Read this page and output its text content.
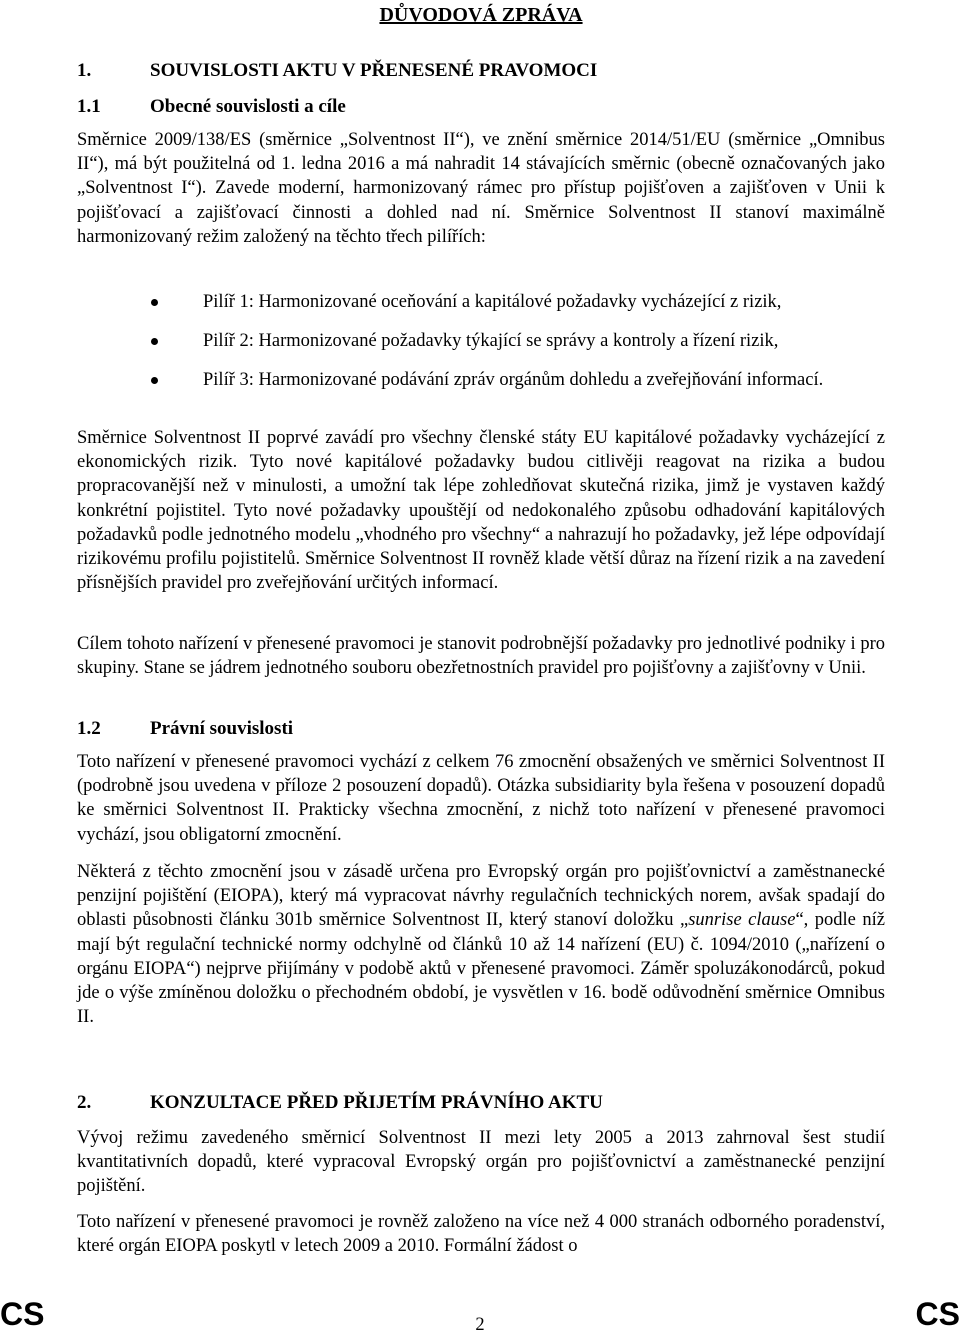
DŮVODOVÁ ZPRÁVA
1.	SOUVISLOSTI AKTU V PŘENESENÉ PRAVOMOCI
1.1	Obecné souvislosti a cíle

Směrnice 2009/138/ES (směrnice „Solventnost II“), ve znění směrnice 2014/51/EU (směrnice „Omnibus II“), má být použitelná od 1. ledna 2016 a má nahradit 14 stávajících směrnic (obecně označovaných jako „Solventnost I“). Zavede moderní, harmonizovaný rámec pro přístup pojišťoven a zajišťoven v Unii k pojišťovací a zajišťovací činnosti a dohled nad ní. Směrnice Solventnost II stanoví maximálně harmonizovaný režim založený na těchto třech pilířích:

Pilíř 1: Harmonizované oceňování a kapitálové požadavky vycházející z rizik,
Pilíř 2: Harmonizované požadavky týkající se správy a kontroly a řízení rizik,
Pilíř 3: Harmonizované podávání zpráv orgánům dohledu a zveřejňování informací.

Směrnice Solventnost II poprvé zavádí pro všechny členské státy EU kapitálové požadavky vycházející z ekonomických rizik. Tyto nové kapitálové požadavky budou citlivěji reagovat na rizika a budou propracovanější než v minulosti, a umožní tak lépe zohledňovat skutečná rizika, jimž je vystaven každý konkrétní pojistitel. Tyto nové požadavky upouštějí od nedokonalého způsobu odhadování kapitálových požadavků podle jednotného modelu „vhodného pro všechny“ a nahrazují ho požadavky, jež lépe odpovídají rizikovému profilu pojistitelů. Směrnice Solventnost II rovněž klade větší důraz na řízení rizik a na zavedení přísnějších pravidel pro zveřejňování určitých informací.

Cílem tohoto nařízení v přenesené pravomoci je stanovit podrobnější požadavky pro jednotlivé podniky i pro skupiny. Stane se jádrem jednotného souboru obezřetnostních pravidel pro pojišťovny a zajišťovny v Unii.

1.2	Právní souvislosti

Toto nařízení v přenesené pravomoci vychází z celkem 76 zmocnění obsažených ve směrnici Solventnost II (podrobně jsou uvedena v příloze 2 posouzení dopadů). Otázka subsidiarity byla řešena v posouzení dopadů ke směrnici Solventnost II. Prakticky všechna zmocnění, z nichž toto nařízení v přenesené pravomoci vychází, jsou obligatorní zmocnění.

Některá z těchto zmocnění jsou v zásadě určena pro Evropský orgán pro pojišťovnictví a zaměstnanecké penzijní pojištění (EIOPA), který má vypracovat návrhy regulačních technických norem, avšak spadají do oblasti působnosti článku 301b směrnice Solventnost II, který stanoví doložku „sunrise clause“, podle níž mají být regulační technické normy odchylně od článků 10 až 14 nařízení (EU) č. 1094/2010 („nařízení o orgánu EIOPA“) nejprve přijímány v podobě aktů v přenesené pravomoci. Záměr spoluzákonodárců, pokud jde o výše zmíněnou doložku o přechodném období, je vysvětlen v 16. bodě odůvodnění směrnice Omnibus II.

2.	KONZULTACE PŘED PŘIJETÍM PRÁVNÍHO AKTU

Vývoj režimu zavedeného směrnicí Solventnost II mezi lety 2005 a 2013 zahrnoval šest studií kvantitativních dopadů, které vypracoval Evropský orgán pro pojišťovnictví a zaměstnanecké penzijní pojištění.

Toto nařízení v přenesené pravomoci je rovněž založeno na více než 4 000 stranách odborného poradenství, které orgán EIOPA poskytl v letech 2009 a 2010. Formální žádost o

CS	2	CS
